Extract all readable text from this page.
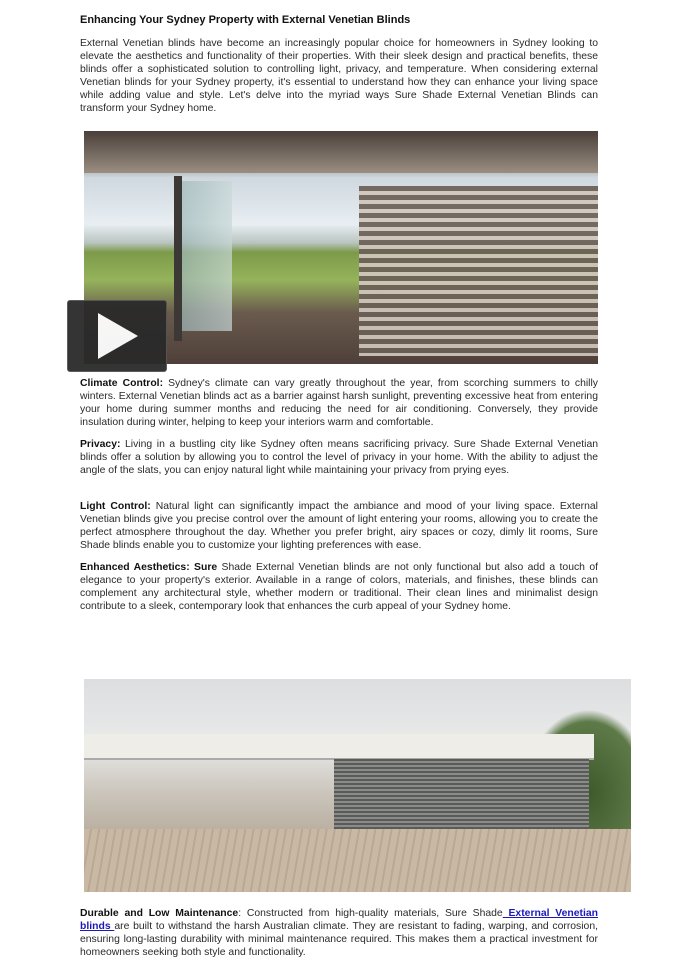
Enhancing Your Sydney Property with External Venetian Blinds

External Venetian blinds have become an increasingly popular choice for homeowners in Sydney looking to elevate the aesthetics and functionality of their properties. With their sleek design and practical benefits, these blinds offer a sophisticated solution to controlling light, privacy, and temperature. When considering external Venetian blinds for your Sydney property, it's essential to understand how they can enhance your living space while adding value and style. Let's delve into the myriad ways Sure Shade External Venetian Blinds can transform your Sydney home.

Climate Control: Sydney's climate can vary greatly throughout the year, from scorching summers to chilly winters. External Venetian blinds act as a barrier against harsh sunlight, preventing excessive heat from entering your home during summer months and reducing the need for air conditioning. Conversely, they provide insulation during winter, helping to keep your interiors warm and comfortable.

Privacy: Living in a bustling city like Sydney often means sacrificing privacy. Sure Shade External Venetian blinds offer a solution by allowing you to control the level of privacy in your home. With the ability to adjust the angle of the slats, you can enjoy natural light while maintaining your privacy from prying eyes.

Light Control: Natural light can significantly impact the ambiance and mood of your living space. External Venetian blinds give you precise control over the amount of light entering your rooms, allowing you to create the perfect atmosphere throughout the day. Whether you prefer bright, airy spaces or cozy, dimly lit rooms, Sure Shade blinds enable you to customize your lighting preferences with ease.

Enhanced Aesthetics: Sure Shade External Venetian blinds are not only functional but also add a touch of elegance to your property's exterior. Available in a range of colors, materials, and finishes, these blinds can complement any architectural style, whether modern or traditional. Their clean lines and minimalist design contribute to a sleek, contemporary look that enhances the curb appeal of your Sydney home.

Durable and Low Maintenance: Constructed from high-quality materials, Sure Shade External Venetian blinds are built to withstand the harsh Australian climate. They are resistant to fading, warping, and corrosion, ensuring long-lasting durability with minimal maintenance required. This makes them a practical investment for homeowners seeking both style and functionality.
